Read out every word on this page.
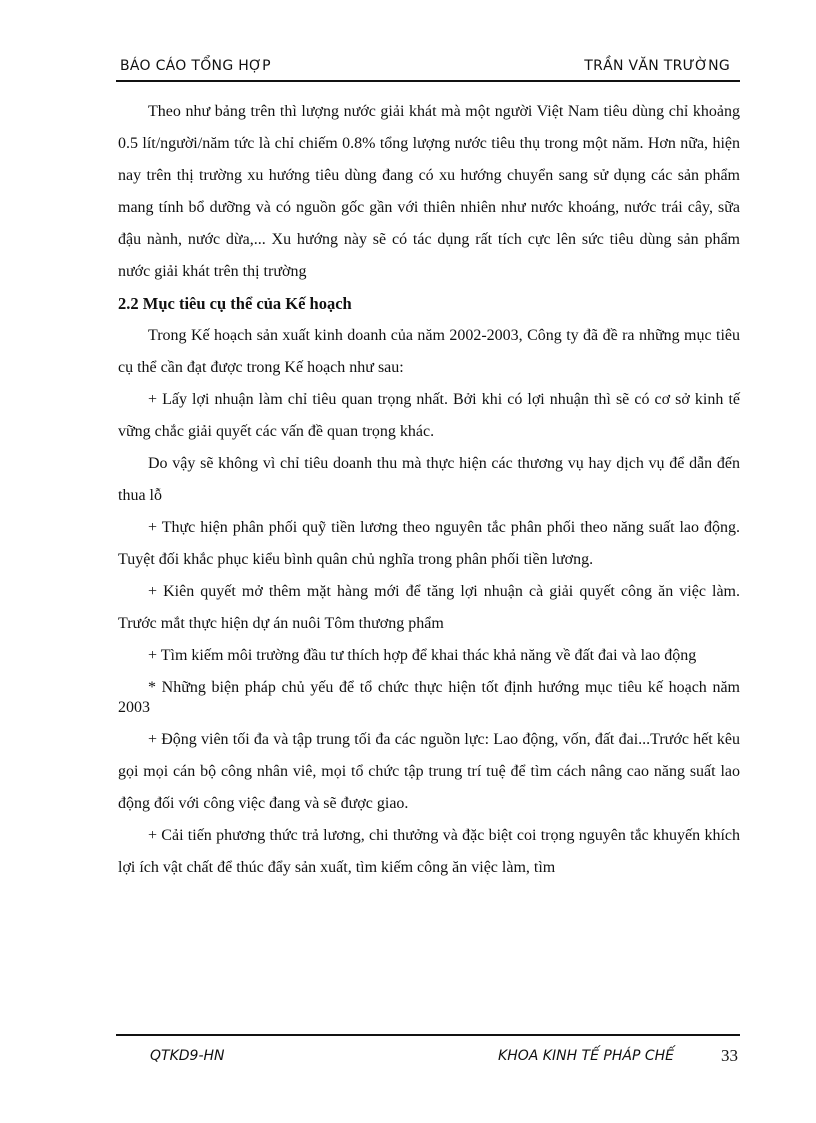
BÁO CÁO TỔNG HỢP	TRẦN VĂN TRƯỜNG

Theo như bảng trên thì lượng nước giải khát mà một người Việt Nam tiêu dùng chỉ khoảng 0.5 lít/người/năm tức là chỉ chiếm 0.8% tổng lượng nước tiêu thụ trong một năm. Hơn nữa, hiện nay trên thị trường xu hướng tiêu dùng đang có xu hướng chuyển sang sử dụng các sản phẩm mang tính bổ dưỡng và có nguồn gốc gần với thiên nhiên như nước khoáng, nước trái cây, sữa đậu nành, nước dừa,... Xu hướng này sẽ có tác dụng rất tích cực lên sức tiêu dùng sản phẩm nước giải khát trên thị trường

2.2 Mục tiêu cụ thể của Kế hoạch

Trong Kế hoạch sản xuất kinh doanh của năm 2002-2003, Công ty đã đề ra những mục tiêu cụ thể cần đạt được trong Kế hoạch như sau:

+ Lấy lợi nhuận làm chỉ tiêu quan trọng nhất. Bởi khi có lợi nhuận thì sẽ có cơ sở kinh tế vững chắc giải quyết các vấn đề quan trọng khác.

Do vậy sẽ không vì chỉ tiêu doanh thu mà thực hiện các thương vụ hay dịch vụ để dẫn đến thua lỗ

+ Thực hiện phân phối quỹ tiền lương theo nguyên tắc phân phối theo năng suất lao động. Tuyệt đối khắc phục kiểu bình quân chủ nghĩa trong phân phối tiền lương.

+ Kiên quyết mở thêm mặt hàng mới để tăng lợi nhuận cà giải quyết công ăn việc làm. Trước mắt thực hiện dự án nuôi Tôm thương phẩm

+ Tìm kiếm môi trường đầu tư thích hợp để khai thác khả năng về đất đai và lao động

* Những biện pháp chủ yếu để tổ chức thực hiện tốt định hướng mục tiêu kế hoạch năm 2003

+ Động viên tối đa và tập trung tối đa các nguồn lực: Lao động, vốn, đất đai...Trước hết kêu gọi mọi cán bộ công nhân viê, mọi tổ chức tập trung trí tuệ để tìm cách nâng cao năng suất lao động đối với công việc đang và sẽ được giao.

+ Cải tiến phương thức trả lương, chi thưởng và đặc biệt coi trọng nguyên tắc khuyến khích lợi ích vật chất để thúc đẩy sản xuất, tìm kiếm công ăn việc làm, tìm

QTKD9-HN	KHOA KINH TẾ PHÁP CHẾ	33
